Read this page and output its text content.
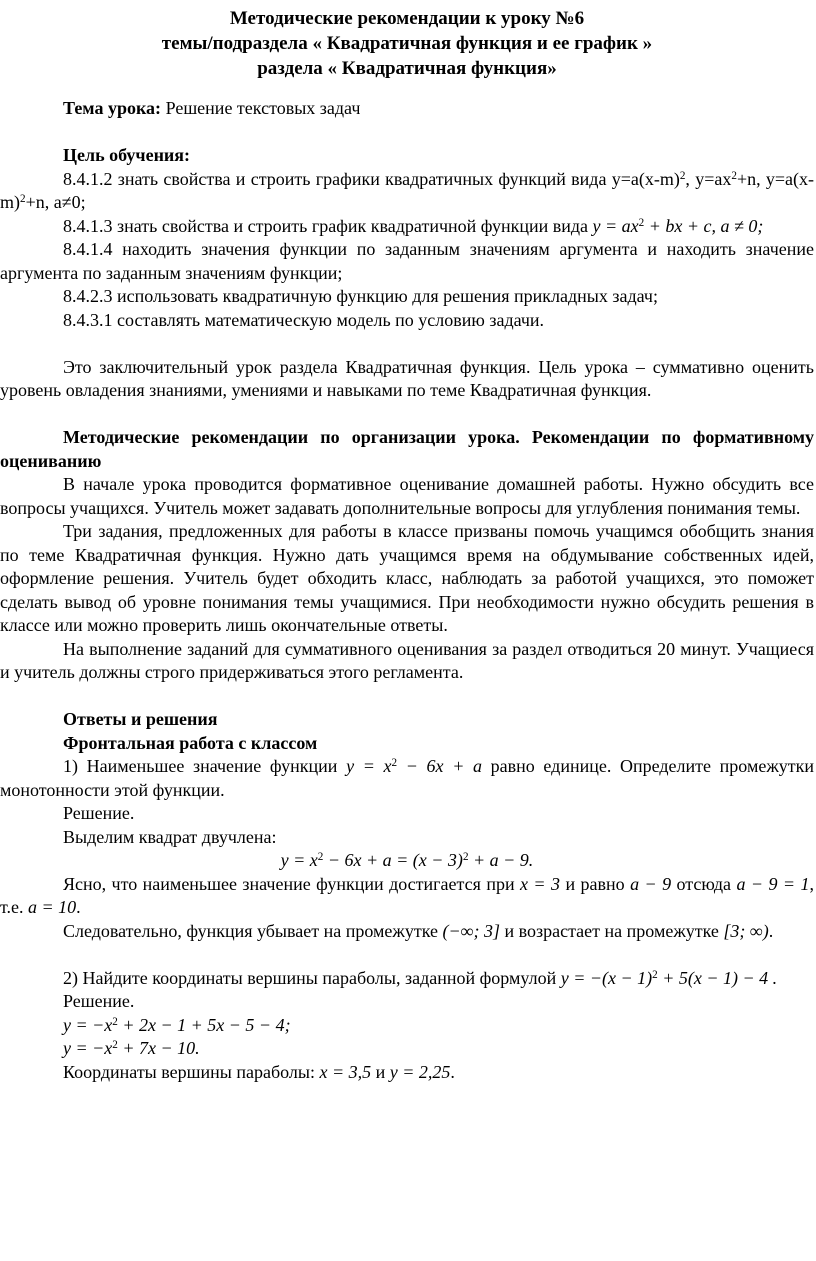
Методические рекомендации к уроку №6
темы/подраздела « Квадратичная функция и ее график »
раздела « Квадратичная функция»
Тема урока: Решение текстовых задач

Цель обучения:
8.4.1.2 знать свойства и строить графики квадратичных функций вида $y=a(x-m)^2$, $y=ax^2+n$, $y=a(x-m)^2+n$, a≠0;
8.4.1.3 знать свойства и строить график квадратичной функции вида $y = ax^2$ + bx + c, a ≠ 0;
8.4.1.4 находить значения функции по заданным значениям аргумента и находить значение аргумента по заданным значениям функции;
8.4.2.3 использовать квадратичную функцию для решения прикладных задач;
8.4.3.1 составлять математическую модель по условию задачи.

Это заключительный урок раздела Квадратичная функция. Цель урока – суммативно оценить уровень овладения знаниями, умениями и навыками по теме Квадратичная функция.

Методические рекомендации по организации урока. Рекомендации по формативному оцениванию
В начале урока проводится формативное оценивание домашней работы. Нужно обсудить все вопросы учащихся. Учитель может задавать дополнительные вопросы для углубления понимания темы.
Три задания, предложенных для работы в классе призваны помочь учащимся обобщить знания по теме Квадратичная функция. Нужно дать учащимся время на обдумывание собственных идей, оформление решения. Учитель будет обходить класс, наблюдать за работой учащихся, это поможет сделать вывод об уровне понимания темы учащимися. При необходимости нужно обсудить решения в классе или можно проверить лишь окончательные ответы.
На выполнение заданий для суммативного оценивания за раздел отводиться 20 минут. Учащиеся и учитель должны строго придерживаться этого регламента.

Ответы и решения
Фронтальная работа с классом
1) Наименьшее значение функции $y = x^2 - 6x + a$ равно единице. Определите промежутки монотонности этой функции.
Решение.
Выделим квадрат двучлена:
$y = x^2 - 6x + a = (x - 3)^2 + a - 9$.
Ясно, что наименьшее значение функции достигается при x = 3 и равно a − 9 отсюда a − 9 = 1, т.е. a = 10.
Следовательно, функция убывает на промежутке (−∞; 3] и возрастает на промежутке [3; ∞).

2) Найдите координаты вершины параболы, заданной формулой $y = -(x - 1)^2 + 5(x - 1) - 4$ .
Решение.
$y = -x^2 + 2x - 1 + 5x - 5 - 4$;
$y = -x^2 + 7x - 10$.
Координаты вершины параболы: x = 3,5 и y = 2,25.
